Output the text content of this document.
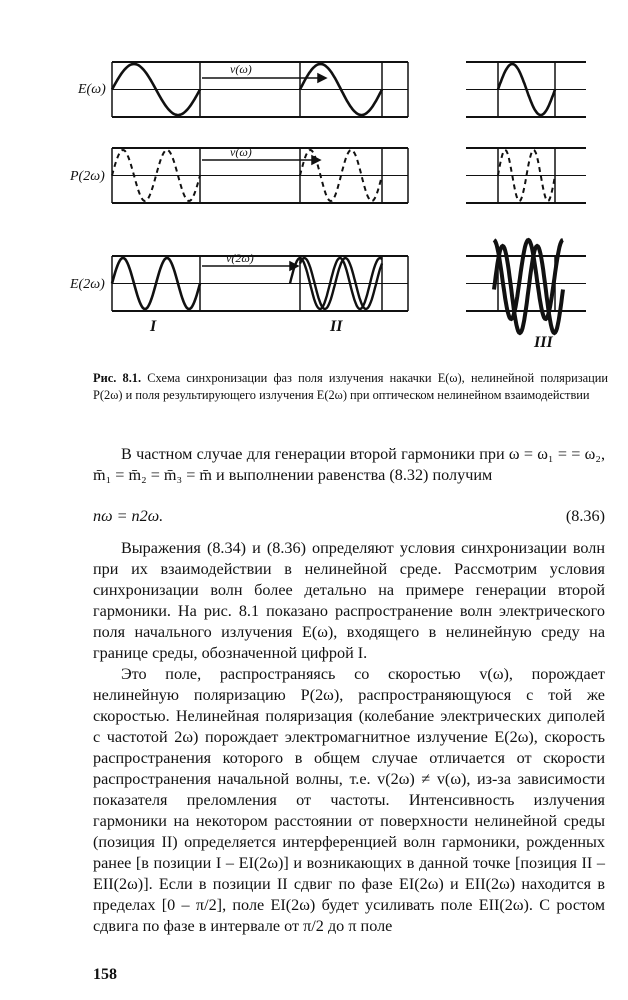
E(ω)
P(2ω)
E(2ω)
v(ω)
v(ω)
v(2ω)
I	II
III
Рис. 8.1. Схема синхронизации фаз поля излучения накачки E(ω), нелинейной поляризации P(2ω) и поля результирующего излучения E(2ω) при оптическом нелинейном взаимодействии
В частном случае для генерации второй гармоники при ω = ω₁ = = ω₂, m̄₁ = m̄₂ = m̄₃ = m̄ и выполнении равенства (8.32) получим
nω = n2ω.	(8.36)
Выражения (8.34) и (8.36) определяют условия синхронизации волн при их взаимодействии в нелинейной среде. Рассмотрим условия синхронизации волн более детально на примере генерации второй гармоники. На рис. 8.1 показано распространение волн электрического поля начального излучения E(ω), входящего в нелинейную среду на границе среды, обозначенной цифрой I.
Это поле, распространяясь со скоростью v(ω), порождает нелинейную поляризацию P(2ω), распространяющуюся с той же скоростью. Нелинейная поляризация (колебание электрических диполей с частотой 2ω) порождает электромагнитное излучение E(2ω), скорость распространения которого в общем случае отличается от скорости распространения начальной волны, т.е. v(2ω) ≠ v(ω), из-за зависимости показателя преломления от частоты. Интенсивность излучения гармоники на некотором расстоянии от поверхности нелинейной среды (позиция II) определяется интерференцией волн гармоники, рожденных ранее [в позиции I – EI(2ω)] и возникающих в данной точке [позиция II – EII(2ω)]. Если в позиции II сдвиг по фазе EI(2ω) и EII(2ω) находится в пределах [0 – π/2], поле EI(2ω) будет усиливать поле EII(2ω). С ростом сдвига по фазе в интервале от π/2 до π поле
158
